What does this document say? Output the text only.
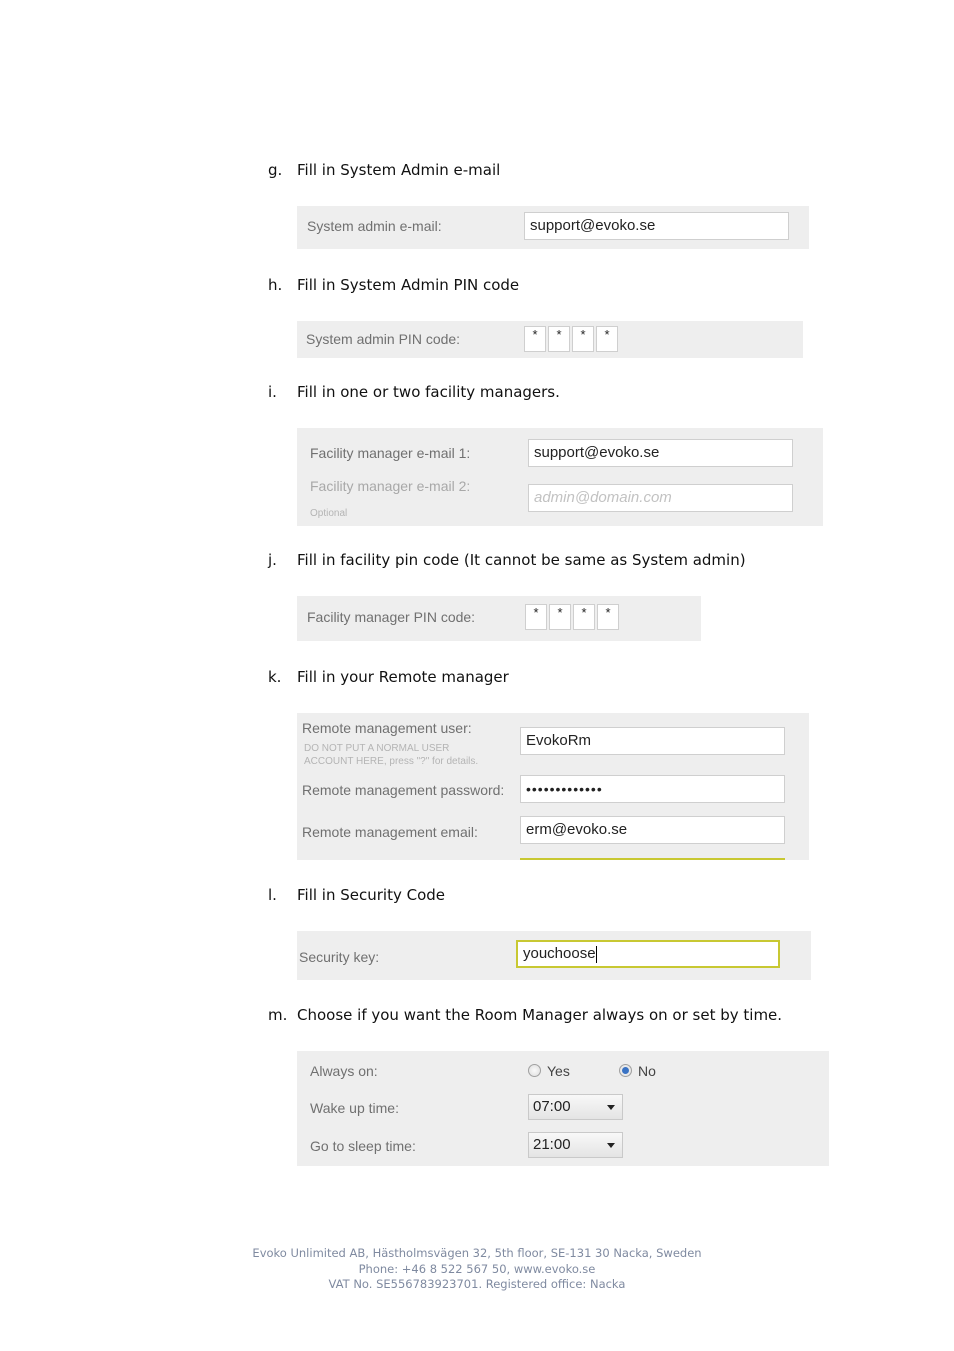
g. Fill in System Admin e-mail
System admin e-mail:	support@evoko.se
h. Fill in System Admin PIN code
System admin PIN code:	*	*	*	*
i. Fill in one or two facility managers.
Facility manager e-mail 1:	support@evoko.se
Facility manager e-mail 2:
Optional
admin@domain.com
j. Fill in facility pin code (It cannot be same as System admin)
Facility manager PIN code:	*	*	*	*
k. Fill in your Remote manager
Remote management user:
DO NOT PUT A NORMAL USER
ACCOUNT HERE, press "?" for details.
EvokoRm
Remote management password:	•••••••••••••
Remote management email:	erm@evoko.se
l. Fill in Security Code
Security key:	youchoose
m. Choose if you want the Room Manager always on or set by time.
Always on:	Yes	No
Wake up time:	07:00
Go to sleep time:	21:00
Evoko Unlimited AB, Hästholmsvägen 32, 5th floor, SE-131 30 Nacka, Sweden
Phone: +46 8 522 567 50, www.evoko.se
VAT No. SE556783923701. Registered office: Nacka
